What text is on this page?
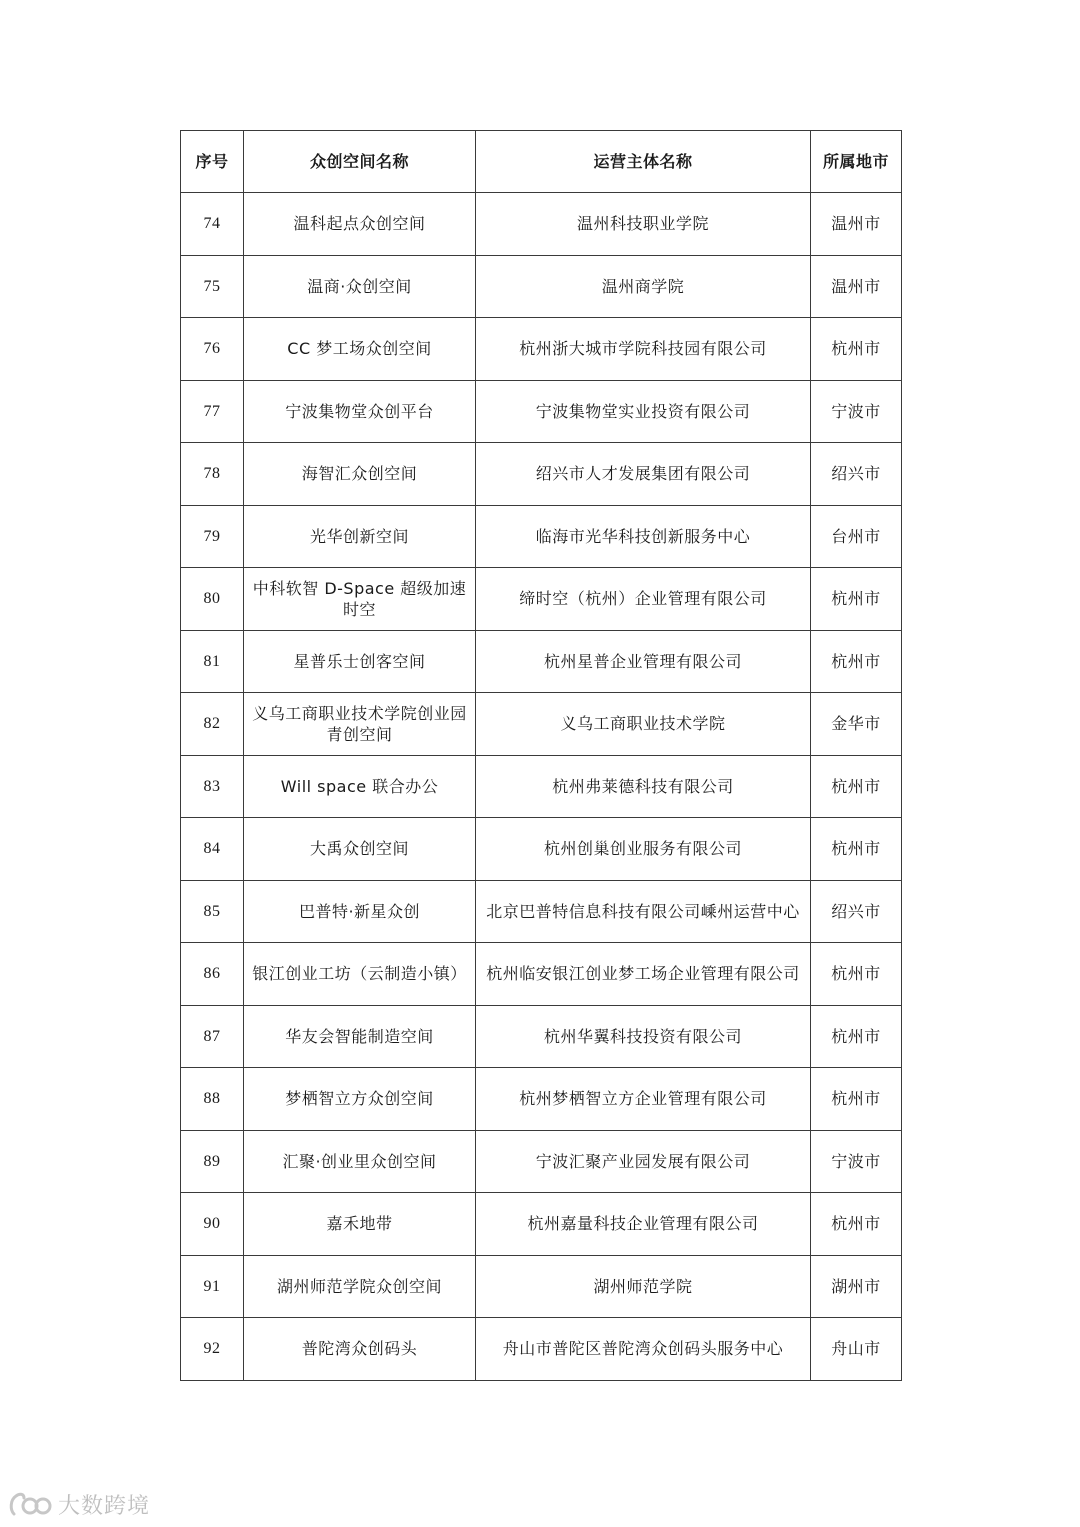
序号	众创空间名称	运营主体名称	所属地市
74	温科起点众创空间	温州科技职业学院	温州市
75	温商·众创空间	温州商学院	温州市
76	CC 梦工场众创空间	杭州浙大城市学院科技园有限公司	杭州市
77	宁波集物堂众创平台	宁波集物堂实业投资有限公司	宁波市
78	海智汇众创空间	绍兴市人才发展集团有限公司	绍兴市
79	光华创新空间	临海市光华科技创新服务中心	台州市
80	中科软智 D-Space 超级加速时空	缔时空（杭州）企业管理有限公司	杭州市
81	星普乐士创客空间	杭州星普企业管理有限公司	杭州市
82	义乌工商职业技术学院创业园青创空间	义乌工商职业技术学院	金华市
83	Will space 联合办公	杭州弗莱德科技有限公司	杭州市
84	大禹众创空间	杭州创巢创业服务有限公司	杭州市
85	巴普特·新星众创	北京巴普特信息科技有限公司嵊州运营中心	绍兴市
86	银江创业工坊（云制造小镇）	杭州临安银江创业梦工场企业管理有限公司	杭州市
87	华友会智能制造空间	杭州华翼科技投资有限公司	杭州市
88	梦栖智立方众创空间	杭州梦栖智立方企业管理有限公司	杭州市
89	汇聚·创业里众创空间	宁波汇聚产业园发展有限公司	宁波市
90	嘉禾地带	杭州嘉量科技企业管理有限公司	杭州市
91	湖州师范学院众创空间	湖州师范学院	湖州市
92	普陀湾众创码头	舟山市普陀区普陀湾众创码头服务中心	舟山市
大数跨境
